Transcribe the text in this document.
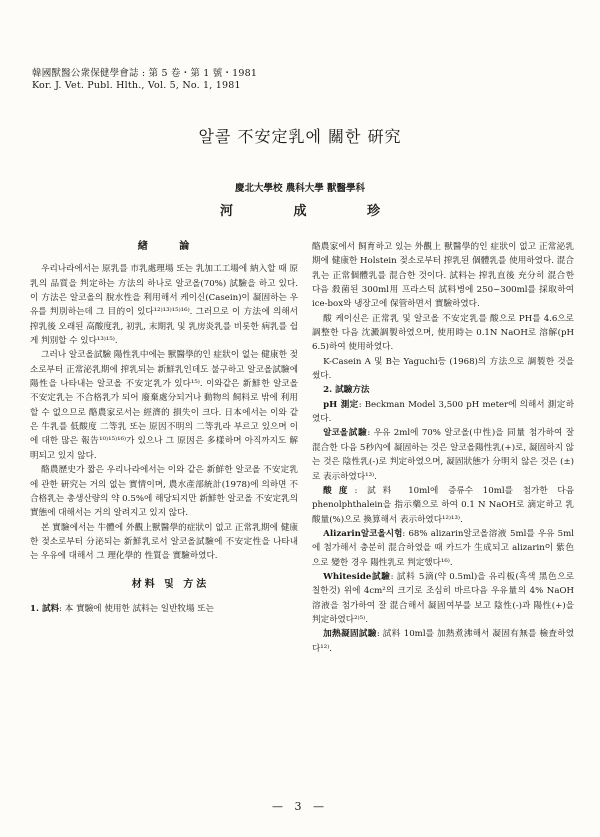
韓國獸醫公衆保健學會誌 : 第 5 卷・第 1 號・1981
Kor. J. Vet. Publ. Hlth., Vol. 5, No. 1, 1981
알콜 不安定乳에 關한 硏究
慶北大學校 農科大學 獸醫學科
河 成 珍

緖 論

우리나라에서는 原乳를 市乳處理場 또는 乳加工工場에 納入할 때 原乳의 品質을 判定하는 方法의 하나로 알코올(70%) 試驗을 하고 있다. 이 方法은 알코올의 脫水性을 利用해서 케이신(Casein)이 凝固하는 우유를 判別하는데 그 目的이 있다¹²⁾¹³⁾¹⁵⁾¹⁶⁾. 그러므로 이 方法에 의해서 搾乳後 오래된 高酸度乳, 初乳, 末期乳 및 乳房炎乳를 비롯한 病乳를 쉽게 判別할 수 있다¹³⁾¹⁵⁾.

그러나 알코올試驗 陽性乳中에는 獸醫學的인 症狀이 없는 健康한 젖소로부터 正常泌乳期에 搾乳되는 新鮮乳인데도 불구하고 알코올試驗에 陽性을 나타내는 알코올 不安定乳가 있다¹⁵⁾. 이와같은 新鮮한 알코올 不安定乳는 不合格乳가 되어 廢棄處分되거나 動物의 飼料로 밖에 利用할 수 없으므로 酪農家로서는 經濟的 損失이 크다. 日本에서는 이와 같은 牛乳를 低酸度 二等乳 또는 原因不明의 二等乳라 부르고 있으며 이에 대한 많은 報告¹⁰⁾¹⁵⁾¹⁶⁾가 있으나 그 原因은 多樣하며 아직까지도 解明되고 있지 않다.

酪農歷史가 짧은 우리나라에서는 이와 같은 新鮮한 알코올 不安定乳에 관한 硏究는 거의 없는 實情이며, 農水產部統計(1978)에 의하면 不合格乳는 총생산량의 약 0.5%에 해당되지만 新鮮한 알코올 不安定乳의 實態에 대해서는 거의 알려지고 있지 않다.

본 實驗에서는 牛體에 外觀上獸醫學的症狀이 없고 正常乳期에 健康한 젖소로부터 分泌되는 新鮮乳로서 알코올試驗에 不安定性을 나타내는 우유에 대해서 그 理化學的 性質을 實驗하였다.

材料 및 方法

1. 試料: 本 實驗에 使用한 試料는 일반牧場 또는

酪農家에서 飼育하고 있는 外觀上 獸醫學的인 症狀이 없고 正常泌乳期에 健康한 Holstein 젖소로부터 搾乳된 個體乳를 使用하였다. 混合乳는 正常個體乳를 混合한 것이다. 試料는 搾乳直後 充分히 混合한 다음 殺菌된 300ml用 프라스틱 試料병에 250~300ml를 採取하여 ice-box와 냉장고에 保管하면서 實驗하였다.

酸 케이신은 正常乳 및 알코올 不安定乳를 酸으로 PH를 4.6으로 調整한 다음 沈澱調製하였으며, 使用時는 0.1N NaOH로 溶解(pH 6.5)하여 使用하였다.

K-Casein A 및 B는 Yaguchi등 (1968)의 方法으로 調製한 것을 썼다.

2. 試驗方法

pH 測定: Beckman Model 3,500 pH meter에 의해서 測定하였다.

알코올試驗: 우유 2ml에 70% 알코올(中性)을 同量 첨가하여 잘 混合한 다음 5秒內에 凝固하는 것은 알코올陽性乳(+)로, 凝固하지 않는 것은 陰性乳(-)로 判定하였으며, 凝固狀態가 分明치 않은 것은 (±)로 表示하였다¹³⁾.

酸度: 試料 10ml에 증류수 10ml를 첨가한 다음 phenolphthalein을 指示藥으로 하여 0.1 N NaOH로 滴定하고 乳酸量(%)으로 換算해서 表示하였다¹²⁾¹³⁾.

Alizarin알코올시험: 68% alizarin알코올溶液 5ml를 우유 5ml에 첨가해서 충분히 混合하였을 때 카드가 生成되고 alizarin이 紫色으로 變한 경우 陽性乳로 判定했다¹⁶⁾.

Whiteside試驗: 試料 5滴(약 0.5ml)을 유리板(흑색 黑色으로 칠한것) 위에 4cm²의 크기로 조심히 바르다음 우유量의 4% NaOH溶液을 첨가하여 잘 混合해서 凝固여부를 보고 陰性(-)과 陽性(+)을 判定하였다²⁾⁵⁾.

加熱凝固試驗: 試料 10ml를 加熱煮沸해서 凝固有無를 檢査하였다¹²⁾.

— 3 —
